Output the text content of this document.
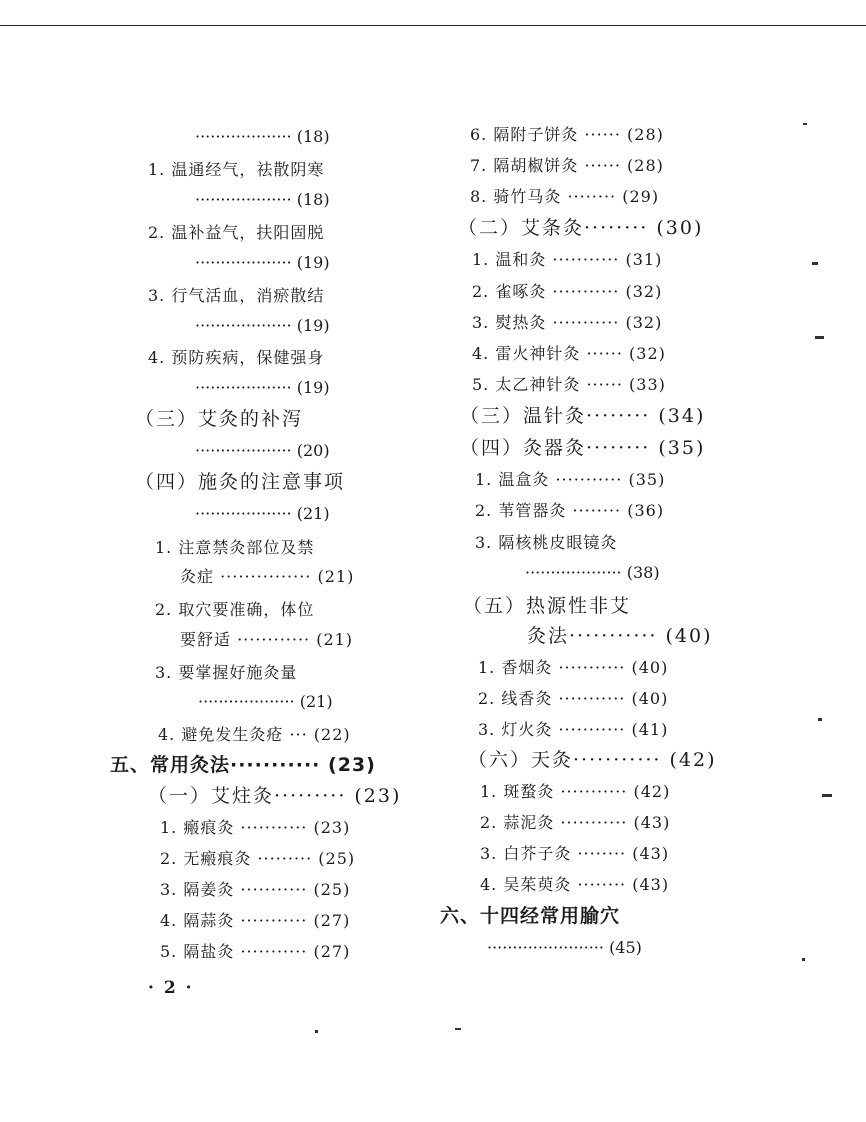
··················· (18)
1. 温通经气，祛散阴寒
··················· (18)
2. 温补益气，扶阳固脱
··················· (19)
3. 行气活血，消瘀散结
··················· (19)
4. 预防疾病，保健强身
··················· (19)
（三）艾灸的补泻
··················· (20)
（四）施灸的注意事项
··················· (21)
1. 注意禁灸部位及禁
灸症 ··············· (21)
2. 取穴要准确，体位
要舒适 ············ (21)
3. 要掌握好施灸量
··················· (21)
4. 避免发生灸疮 ··· (22)
五、常用灸法··········· (23)
（一）艾炷灸········· (23)
1. 瘢痕灸 ··········· (23)
2. 无瘢痕灸 ········· (25)
3. 隔姜灸 ··········· (25)
4. 隔蒜灸 ··········· (27)
5. 隔盐灸 ··········· (27)
6. 隔附子饼灸 ······ (28)
7. 隔胡椒饼灸 ······ (28)
8. 骑竹马灸 ········ (29)
（二）艾条灸········ (30)
1. 温和灸 ··········· (31)
2. 雀啄灸 ··········· (32)
3. 熨热灸 ··········· (32)
4. 雷火神针灸 ······ (32)
5. 太乙神针灸 ······ (33)
（三）温针灸········ (34)
（四）灸器灸········ (35)
1. 温盒灸 ··········· (35)
2. 苇管器灸 ········ (36)
3. 隔核桃皮眼镜灸
··················· (38)
（五）热源性非艾
灸法··········· (40)
1. 香烟灸 ··········· (40)
2. 线香灸 ··········· (40)
3. 灯火灸 ··········· (41)
（六）天灸··········· (42)
1. 斑蝥灸 ··········· (42)
2. 蒜泥灸 ··········· (43)
3. 白芥子灸 ········ (43)
4. 吴茱萸灸 ········ (43)
六、十四经常用腧穴
······················· (45)
· 2 ·
